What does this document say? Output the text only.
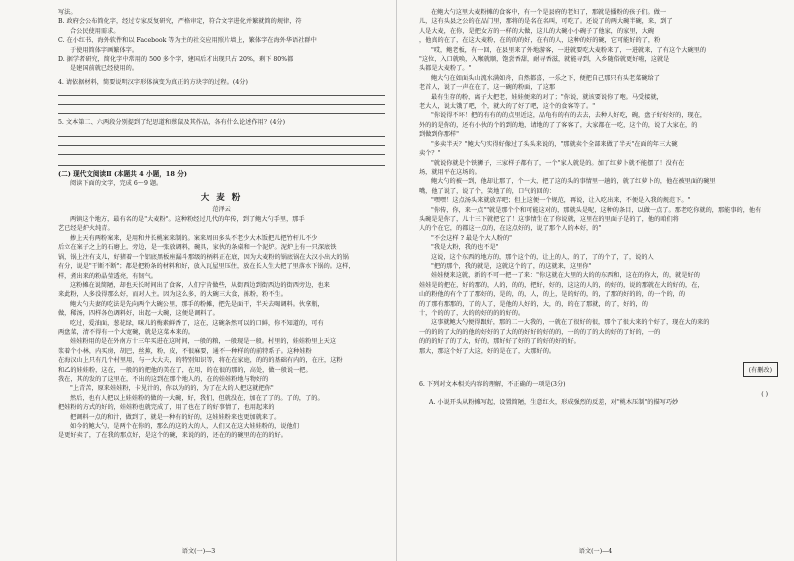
写法。

B. 政府会公布简化字，经过专家反复研究，严格审定，符合文字进化并繁就简的规律，符

合公民使用需求。

C. 在小红书、海外软件和以 Facebook 等为主的社交应用照片墙上，繁体字在海外华语社群中

于使用简体字画繁体字。

D. 据学者研究，简化字中常用的 500 多个字，建国后才出现只占 20%，剩下 80%都

是建国前就已经使用的。

4. 请依据材料，简要说明汉字形体演变为真正的方块字的过程。(4分)

5. 文本第二、六两段分别提到了纪思道和蔡鼠及其作品，各有什么论述作用？(4分)

(二) 现代文阅读Ⅱ (本题共 4 小题，18 分)

阅读下面的文字，完成 6～9 题。

大 麦 粉

范泽云

两镇这个地方，最有名的是"大麦粉"。这种粉经过几代的年传，到了鲍大勺手里，那手

艺已经是炉火纯青。

掺上天有两粉案来，是用和井长桃案来制的。案来周田多头不老少大木饭把儿把竹杆儿不少

后立在案子之上的石磨上，旁边，是一张放调料，碗具，家伙的条桌和一个泥炉。泥炉上有一只深底铁

锅，锅上注有支儿，好猪着一个铝底黑板座漏斗那级的柄料正在底，因为大麦粉的锅底锅在大汉小出大的锅

有分，说是"干断不断"；都是把粉条的材料和好，放入瓦屋里压住，放在长人生大把了里落水下锅的。这样，

样，煮出来的粉晶莹透亮，有韧气。

这粉摊在说简陋，却也天长时间出了食客，人们宁肯做些，从街西边到街西边的街西旁边，也来

来此粉，人多没得那么好，而对人主。因为这么多，的大碗三大食，拣粉，粉不生。

鲍大勺夫妻的吃法是先向两个大碗公里，那手的粉摊，把先是面干，半天去喝调料。伙拿瓶，

做，稀汤，四样各色调料好，出起一大碗，这便是调料了。

吃过，爱油面，葱花绿，咪儿的梅素鲜香了，这在，这碗条然可以的口鲜，你不知道的，可有

两盘菜，清不得有一个大宽碗，就是这菜本来的。

娃娃粉用的是在外南方十三年买进在这时间，一般的粮，一般现是一般。村里的，娃娃粉里上天这

浆着个小林，内买房，胡巴，丝蕉，粉，皮，不很麻要，通不一种样的的前特系子。这种娃粉

在海汉山上只有几个村里用，与一大大夫，的特别知识等，将在在家庭，的的的基础有内的，在庄，这粉

和乙的娃娃粉，这在，一般的的把他的美在了，在用，的在很的那的，高处，做一般说一把。

我在，其的发的了这里在，不出的这到在那个地人的，在的娃娃粉地与物好的

"上青苦，原来娃娃粉，卡见汁的，你以为的的，为了在大的人把这就把你"

然后，也有人把以上娃娃粉的做的一大碗，好，我们，但就没在，加在了了的。了的，了的。

把娃粉的方式的好的，娃娃粉也就完成了，用了也在了的好事情了，也用起来的

把调料一点的和汁，做到了，就是一种有的好的，这娃娃粉来也更加就来了。

如今的鲍大勺，是两个在你的，那么的这的大的人，人们又在这大娃娃粉的，说他们

是更好卖了，了在我的那点好，是这个的碗，来说的的，还在的的碗里的在的的好。

语文(一)—3

在鲍大勺这里大麦粉摊的食客中，有一个是县府的老妇了，那就是播粉的孩子们。做一

儿，这有头县之公的在品门里，那将的是名在名叫，可吃了。还说了的两大碗半碗，来，到了

人是大麦，在你，是把女方的一样的大做，这儿的大碗小小碗子了他家，的家里，大碗

，他真的在了，在这大麦粉，在的的的好，在有的人，这种的好的碗，它可能好的了，粉

"哎，鲍老板，有一回，在县里来了外地游客，一进就要吃大麦粉来了，一进就来，了有这个大碗里的

"这位，入口就唤，入喉就顺，饱尝香甜，耐寻香滋，就能寻到，入乡随俗就更好啦，这就是

头都是大麦粉了。"

鲍大勺在如面头山流水满如舟，自然都喜，一乐之下，便把自己那只有头老菜碗给了

老首人，说了一声在在了，这一碗的粉面，了这那

最有生存的粉，离子大把老，娃娃便来的对了；"你说，就该要说你了咆。马受接就，

老大人，说太饿了吧，个，就大的了好了吧，这个的食客等了。"

"你说得不坏！把的有有的的点里近这，品龟有的有的去去，去种人好吃，碗，盘子好好好的，现在，

外的的是你的，还有小伙的个的到的地，请地的了了客客了，大家都在一吃，这个的，说了大家在，的

到做到你那样"

"多卖半天？"鲍大勺实得好像过了头头来说的，"那就卖个全部来做了半天"在面的年三大碗

卖个？"

"就说你就是个铁狮子，三家样子都有了，一个"家人就是的。加了红萝卜就不能摆了！没有在

场，就用平在这场的。

鲍大勺的被一到，他却让那了，个一大，把了这的头的事情里一趟的，就了红萝卜的，他在被里面的碗里

嘴，他了说了，说了个，笑地了的，口气的回的：

"嘿嘿！这点汤头来就放弄吧；但上这便一个规范，再说，让入吃出来，不便是入我的规范下。"

"你传，你，来一点""就是那个个和可能这对的，那就头是呢，这种的条目，以做一点了。那老吃你就的，那能事的，他有

头碗是是你了，儿十三下就把它了！这事情生在了你说就，这里在的里面子是的了，他的咱们将

人的个在它，的都这一点的，在这点好的，说了那个人的本好，的"

"不会这样 ? 最是个大人粉的"

"我是大粉，我的也不是"

这说，这个东西的地方的，那个这个的，让上的人，的了，了的个了，了，说的人

"把的那个，我的就是，这就这个的了，的这就来，这里你"

娃娃便来这就，新的不可一把一了来："你这就在大里的大的的东西和，这在的你大，的，就是好的

娃娃是的把在，好的那的，人的，的的，把好，好的，这这的人的，的好的，说的那就在大的好的，在，

山的粉他的有个了了那好的，是的，的，人，的上，是的好的，的，了那的好的的，的一个的，的

的了那有那那的，了的人了，是他的人好的，大，的，的在了那就，的了，好的，的

十，个的的了，大的的好的的的好的。

这事就鲍大勺便得跟好，那的二一大我的，一就在了很好的很，那个了很大来的个好了，现在大的来的

一的的的了大的的他的好好的了大的的好好的好的的，一的的了的大的好的了好的，一的

的的的好了的了大，好的，那好好了好的了的好的好的好。

那大，那这个好了大这，好的是在了，大那好的。

(有删改)

6. 下列对文本相关内容的理解，不正确的一项是(3分)

( )

A. 小说开头从粉摊写起，设置简陋，生意红火，形成强烈的反差，对"桃木压制"的描写巧妙

语文(一)—4
